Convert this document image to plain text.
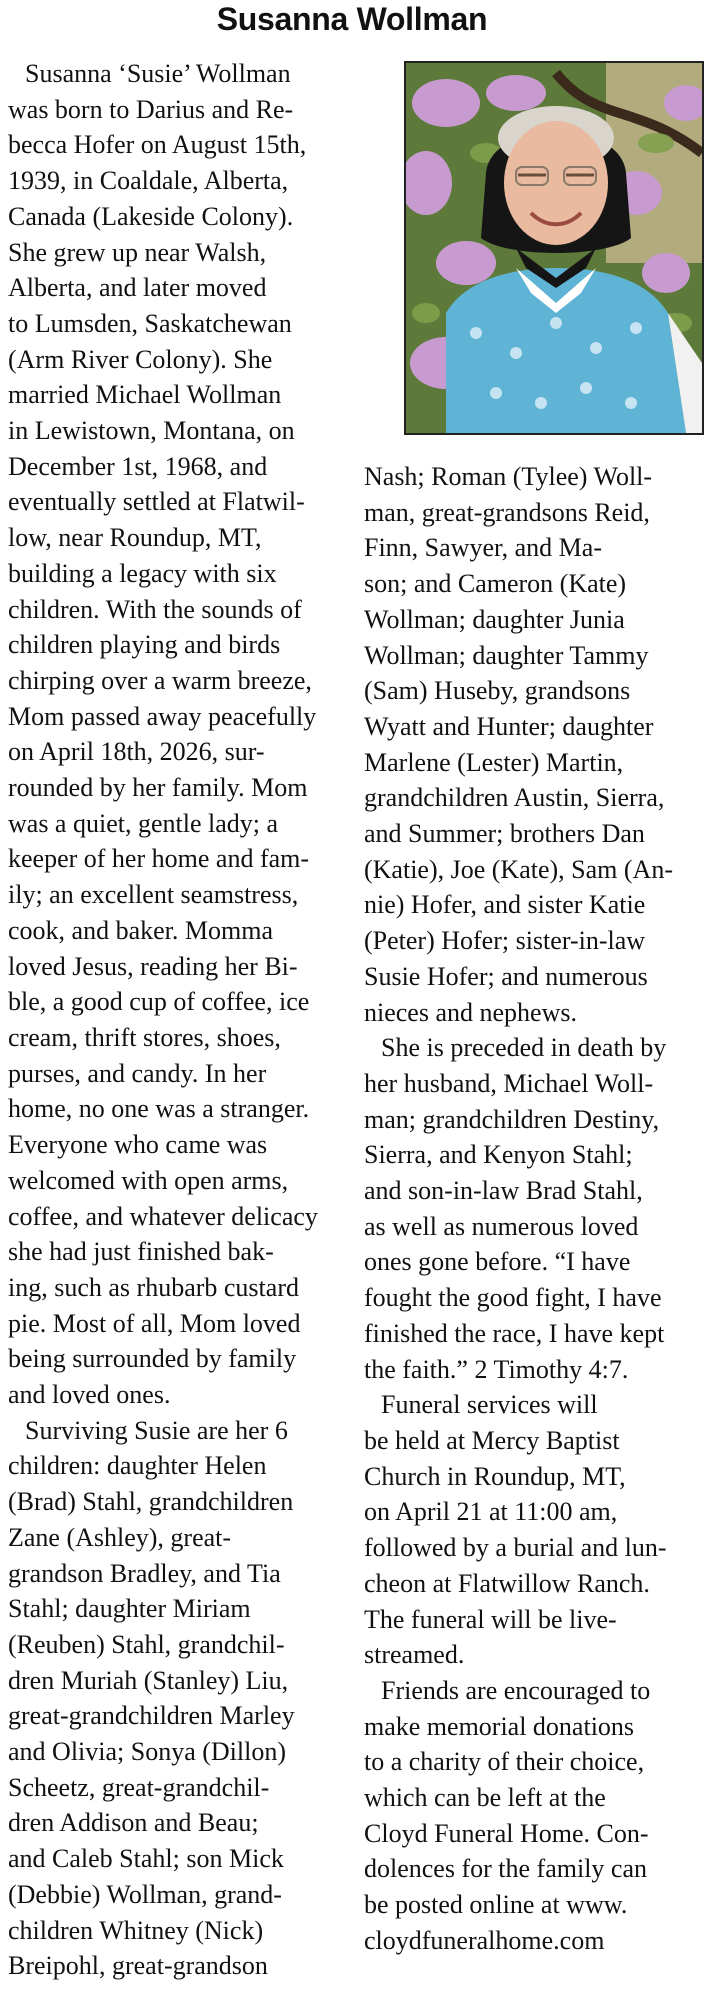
Susanna Wollman
Susanna ‘Susie’ Wollman
was born to Darius and Re-
becca Hofer on August 15th,
1939, in Coaldale, Alberta,
Canada (Lakeside Colony).
She grew up near Walsh,
Alberta, and later moved
to Lumsden, Saskatchewan
(Arm River Colony). She
married Michael Wollman
in Lewistown, Montana, on
December 1st, 1968, and
eventually settled at Flatwil-
low, near Roundup, MT,
building a legacy with six
children. With the sounds of
children playing and birds
chirping over a warm breeze,
Mom passed away peacefully
on April 18th, 2026, sur-
rounded by her family. Mom
was a quiet, gentle lady; a
keeper of her home and fam-
ily; an excellent seamstress,
cook, and baker. Momma
loved Jesus, reading her Bi-
ble, a good cup of coffee, ice
cream, thrift stores, shoes,
purses, and candy. In her
home, no one was a stranger.
Everyone who came was
welcomed with open arms,
coffee, and whatever delicacy
she had just finished bak-
ing, such as rhubarb custard
pie. Most of all, Mom loved
being surrounded by family
and loved ones.
Surviving Susie are her 6
children: daughter Helen
(Brad) Stahl, grandchildren
Zane (Ashley), great-
grandson Bradley, and Tia
Stahl; daughter Miriam
(Reuben) Stahl, grandchil-
dren Muriah (Stanley) Liu,
great-grandchildren Marley
and Olivia; Sonya (Dillon)
Scheetz, great-grandchil-
dren Addison and Beau;
and Caleb Stahl; son Mick
(Debbie) Wollman, grand-
children Whitney (Nick)
Breipohl, great-grandson
Nash; Roman (Tylee) Woll-
man, great-grandsons Reid,
Finn, Sawyer, and Ma-
son; and Cameron (Kate)
Wollman; daughter Junia
Wollman; daughter Tammy
(Sam) Huseby, grandsons
Wyatt and Hunter; daughter
Marlene (Lester) Martin,
grandchildren Austin, Sierra,
and Summer; brothers Dan
(Katie), Joe (Kate), Sam (An-
nie) Hofer, and sister Katie
(Peter) Hofer; sister-in-law
Susie Hofer; and numerous
nieces and nephews.
She is preceded in death by
her husband, Michael Woll-
man; grandchildren Destiny,
Sierra, and Kenyon Stahl;
and son-in-law Brad Stahl,
as well as numerous loved
ones gone before. “I have
fought the good fight, I have
finished the race, I have kept
the faith.” 2 Timothy 4:7.
Funeral services will
be held at Mercy Baptist
Church in Roundup, MT,
on April 21 at 11:00 am,
followed by a burial and lun-
cheon at Flatwillow Ranch.
The funeral will be live-
streamed.
Friends are encouraged to
make memorial donations
to a charity of their choice,
which can be left at the
Cloyd Funeral Home. Con-
dolences for the family can
be posted online at www.
cloydfuneralhome.com
